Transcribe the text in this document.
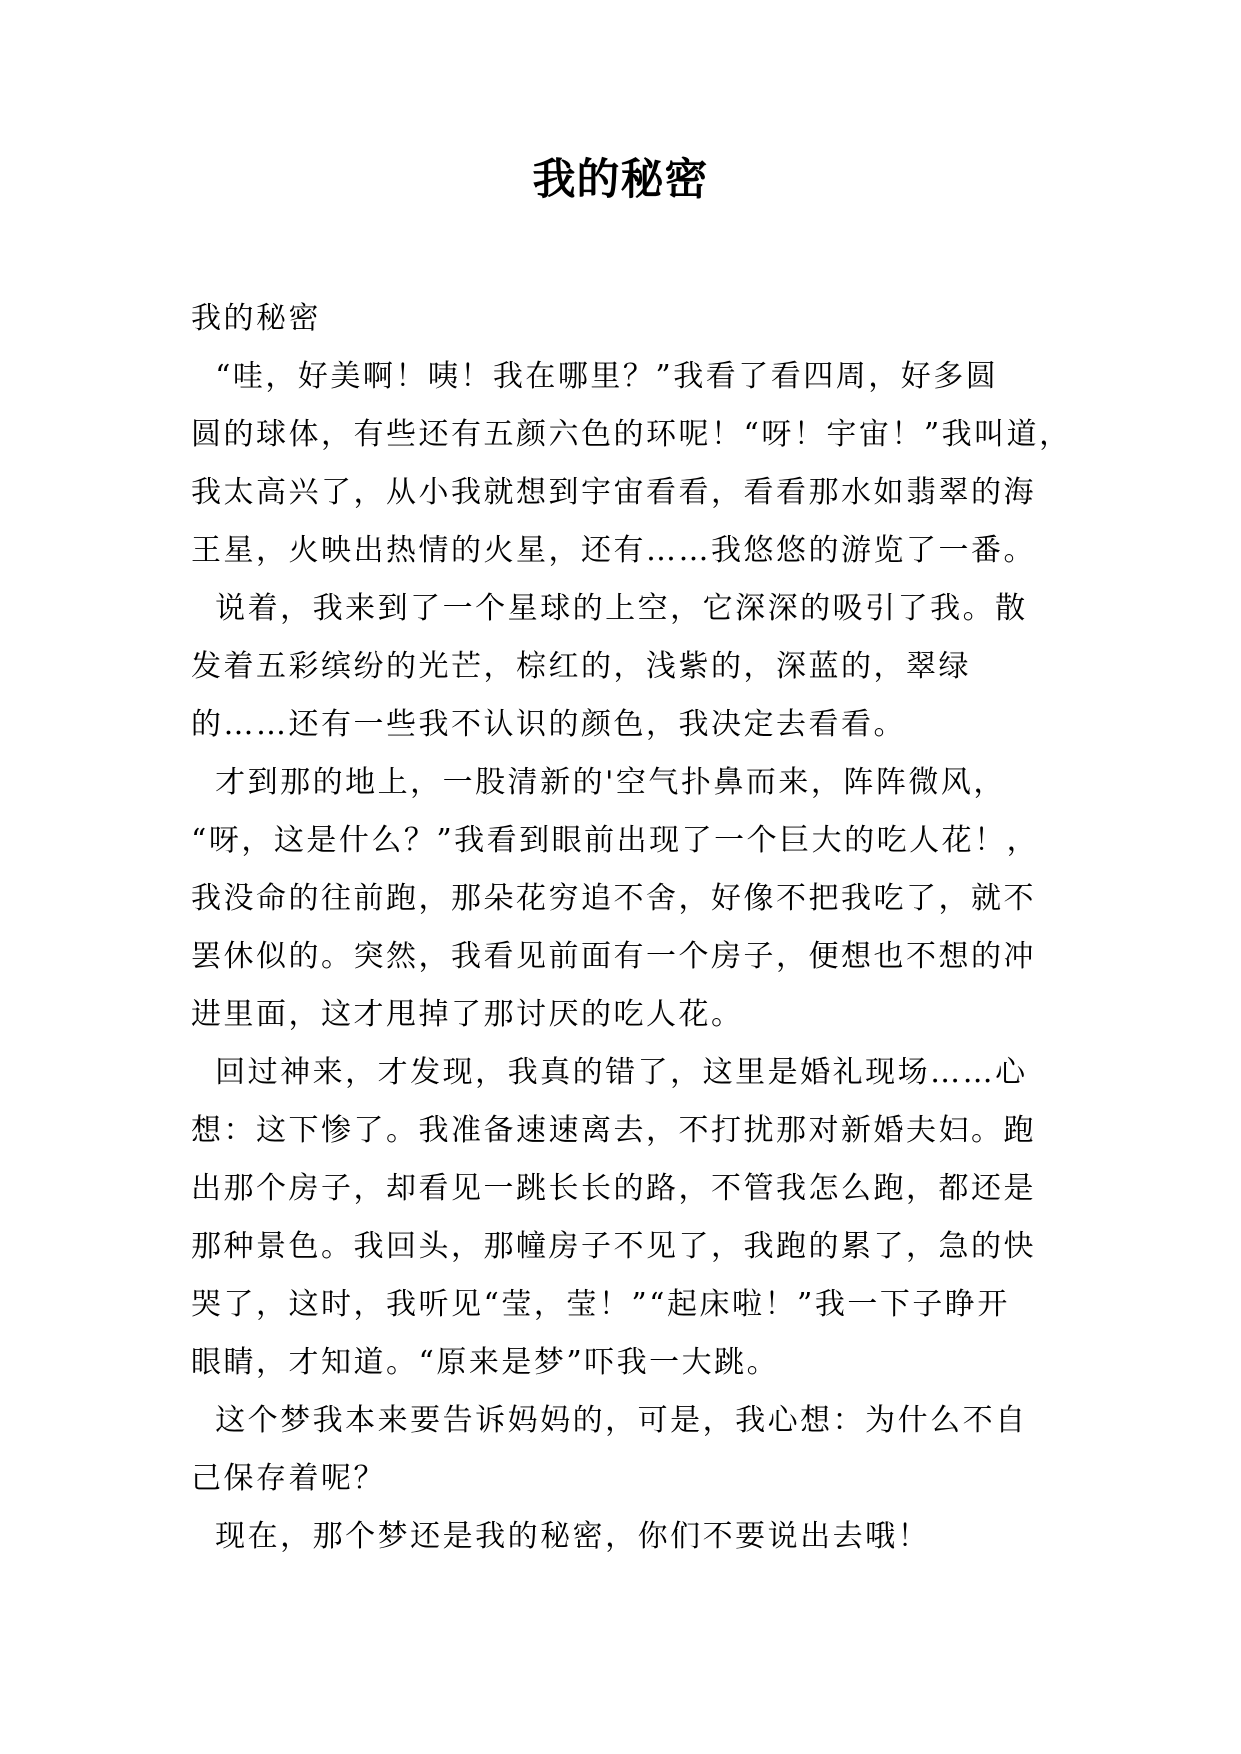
我的秘密
我的秘密
“哇，好美啊！咦！我在哪里？”我看了看四周，好多圆
圆的球体，有些还有五颜六色的环呢！“呀！宇宙！”我叫道，
我太高兴了，从小我就想到宇宙看看，看看那水如翡翠的海
王星，火映出热情的火星，还有……我悠悠的游览了一番。
说着，我来到了一个星球的上空，它深深的吸引了我。散
发着五彩缤纷的光芒，棕红的，浅紫的，深蓝的，翠绿
的……还有一些我不认识的颜色，我决定去看看。
才到那的地上，一股清新的'空气扑鼻而来，阵阵微风，
“呀，这是什么？”我看到眼前出现了一个巨大的吃人花！，
我没命的往前跑，那朵花穷追不舍，好像不把我吃了，就不
罢休似的。突然，我看见前面有一个房子，便想也不想的冲
进里面，这才甩掉了那讨厌的吃人花。
回过神来，才发现，我真的错了，这里是婚礼现场……心
想：这下惨了。我准备速速离去，不打扰那对新婚夫妇。跑
出那个房子，却看见一跳长长的路，不管我怎么跑，都还是
那种景色。我回头，那幢房子不见了，我跑的累了，急的快
哭了，这时，我听见“莹，莹！”“起床啦！”我一下子睁开
眼睛，才知道。“原来是梦”吓我一大跳。
这个梦我本来要告诉妈妈的，可是，我心想：为什么不自
己保存着呢？
现在，那个梦还是我的秘密，你们不要说出去哦！
